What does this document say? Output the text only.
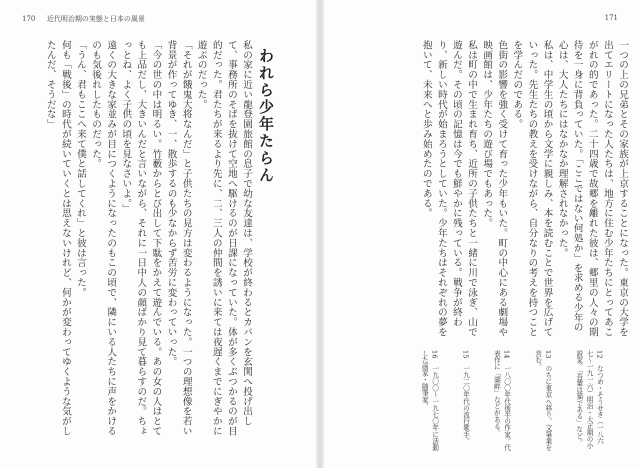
170 　 近代明治期の実態と日本の風景
私の家に近い龍登園旅館の息子で幼な友達は、学校が終わるとカバンを玄関へ投げ出して、事務所のそばを抜けて空地へ駆けるのが日課になっていた。体が多くぶつかるのが目的だった。君たちが来るより先に、二、三人の仲間を誘いに来ては夜遅くまでにぎやかに遊ぶのだった。
「それが餓鬼大将なんだ」と子供たちの見方は変わるようになった。一つの理想像を若い背景が作ってゆき、一、散歩するのも少なからず苦労に変わっていった。
「今の世の中は明るい。竹藪からとび出して下駄をかえて遊んでいる。あの女の人はとても上品だし、大きいんだと言いながら、それに一日中人の顔ばかり見て暮らすのだ。ちょっとね、よく子供の頃を見なさいよ。」
遠くの大きな家並みが目につくようになったのもこの頃で、隣にいる人たちに声をかけるのも気後れしたものだった。
「うん、君もここへ来て僕と話してくれ」と彼は言った。
何も「戦後」の時代が続いていくとは思えないけれど、何かが変わってゆくような気がしたんだ、そうだな」	われら少年たらん
171
一つの上の兄弟とその家族が上京することになった。東京の大学を出てエリートになった人たちは、地方に住む少年たちにとってあこがれの的であった。二十四歳で故郷を離れた彼は、郷里の人々の期待を一身に背負っていた。「ここではない何処か」を求める少年の心は、大人たちにはなかなか理解されなかった。
私は、中学生の頃から文学に親しみ、本を読むことで世界を広げていった。先生たちの教えを受けながら、自分なりの考えを持つことを学んだのである。
色街の影響を強く受けて育った少年もいた。町の中心にある劇場や映画館は、少年たちの遊び場でもあった。
私は町の中で生まれ育ち、近所の子供たちと一緒に川で泳ぎ、山で遊んだ。その頃の記憶は今でも鮮やかに残っている。戦争が終わり、新しい時代が始まろうとしていた。少年たちはそれぞれの夢を抱いて、未来へと歩み始めたのである。

12　なつめ・そうせき（一八六七〜一九一六）明治・大正期の小説家。「吾輩は猫である」など。

13　のちに東京へ移り、文筆業を営む。

14　一八〇〇年代後半の作家。代表作に「湖畔」などがある。

15　一九二〇年代の流行歌手。

16　一九〇〇〜一九七〇年に活動した画家・随筆家。
